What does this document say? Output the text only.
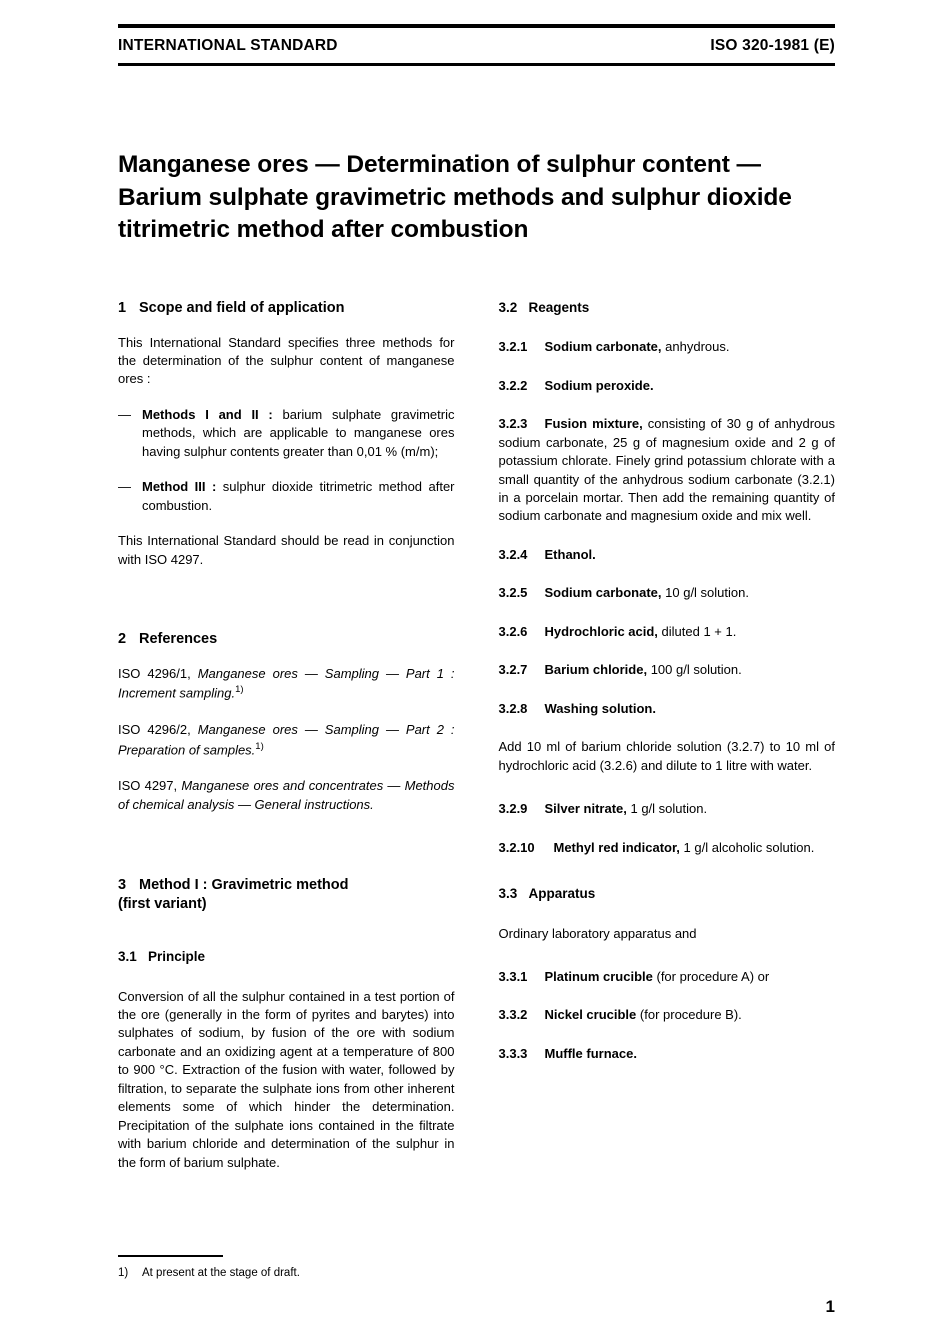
INTERNATIONAL STANDARD	ISO 320-1981 (E)
Manganese ores — Determination of sulphur content — Barium sulphate gravimetric methods and sulphur dioxide titrimetric method after combustion
1 Scope and field of application

This International Standard specifies three methods for the determination of the sulphur content of manganese ores :

— Methods I and II : barium sulphate gravimetric methods, which are applicable to manganese ores having sulphur contents greater than 0,01 % (m/m);

— Method III : sulphur dioxide titrimetric method after combustion.

This International Standard should be read in conjunction with ISO 4297.

2 References

ISO 4296/1, Manganese ores — Sampling — Part 1 : Increment sampling.$^{1)}$

ISO 4296/2, Manganese ores — Sampling — Part 2 : Preparation of samples.$^{1)}$

ISO 4297, Manganese ores and concentrates — Methods of chemical analysis — General instructions.

3 Method I : Gravimetric method
(first variant)
3.1 Principle

Conversion of all the sulphur contained in a test portion of the ore (generally in the form of pyrites and barytes) into sulphates of sodium, by fusion of the ore with sodium carbonate and an oxidizing agent at a temperature of 800 to 900 °C. Extraction of the fusion with water, followed by filtration, to separate the sulphate ions from other inherent elements some of which hinder the determination. Precipitation of the sulphate ions contained in the filtrate with barium chloride and determination of the sulphur in the form of barium sulphate.

3.2 Reagents

3.2.1 Sodium carbonate, anhydrous.

3.2.2 Sodium peroxide.

3.2.3 Fusion mixture, consisting of 30 g of anhydrous sodium carbonate, 25 g of magnesium oxide and 2 g of potassium chlorate. Finely grind potassium chlorate with a small quantity of the anhydrous sodium carbonate (3.2.1) in a porcelain mortar. Then add the remaining quantity of sodium carbonate and magnesium oxide and mix well.

3.2.4 Ethanol.

3.2.5 Sodium carbonate, 10 g/l solution.

3.2.6 Hydrochloric acid, diluted 1 + 1.

3.2.7 Barium chloride, 100 g/l solution.

3.2.8 Washing solution.

Add 10 ml of barium chloride solution (3.2.7) to 10 ml of hydrochloric acid (3.2.6) and dilute to 1 litre with water.

3.2.9 Silver nitrate, 1 g/l solution.

3.2.10 Methyl red indicator, 1 g/l alcoholic solution.

3.3 Apparatus

Ordinary laboratory apparatus and

3.3.1 Platinum crucible (for procedure A) or

3.3.2 Nickel crucible (for procedure B).

3.3.3 Muffle furnace.

1) At present at the stage of draft.
1
